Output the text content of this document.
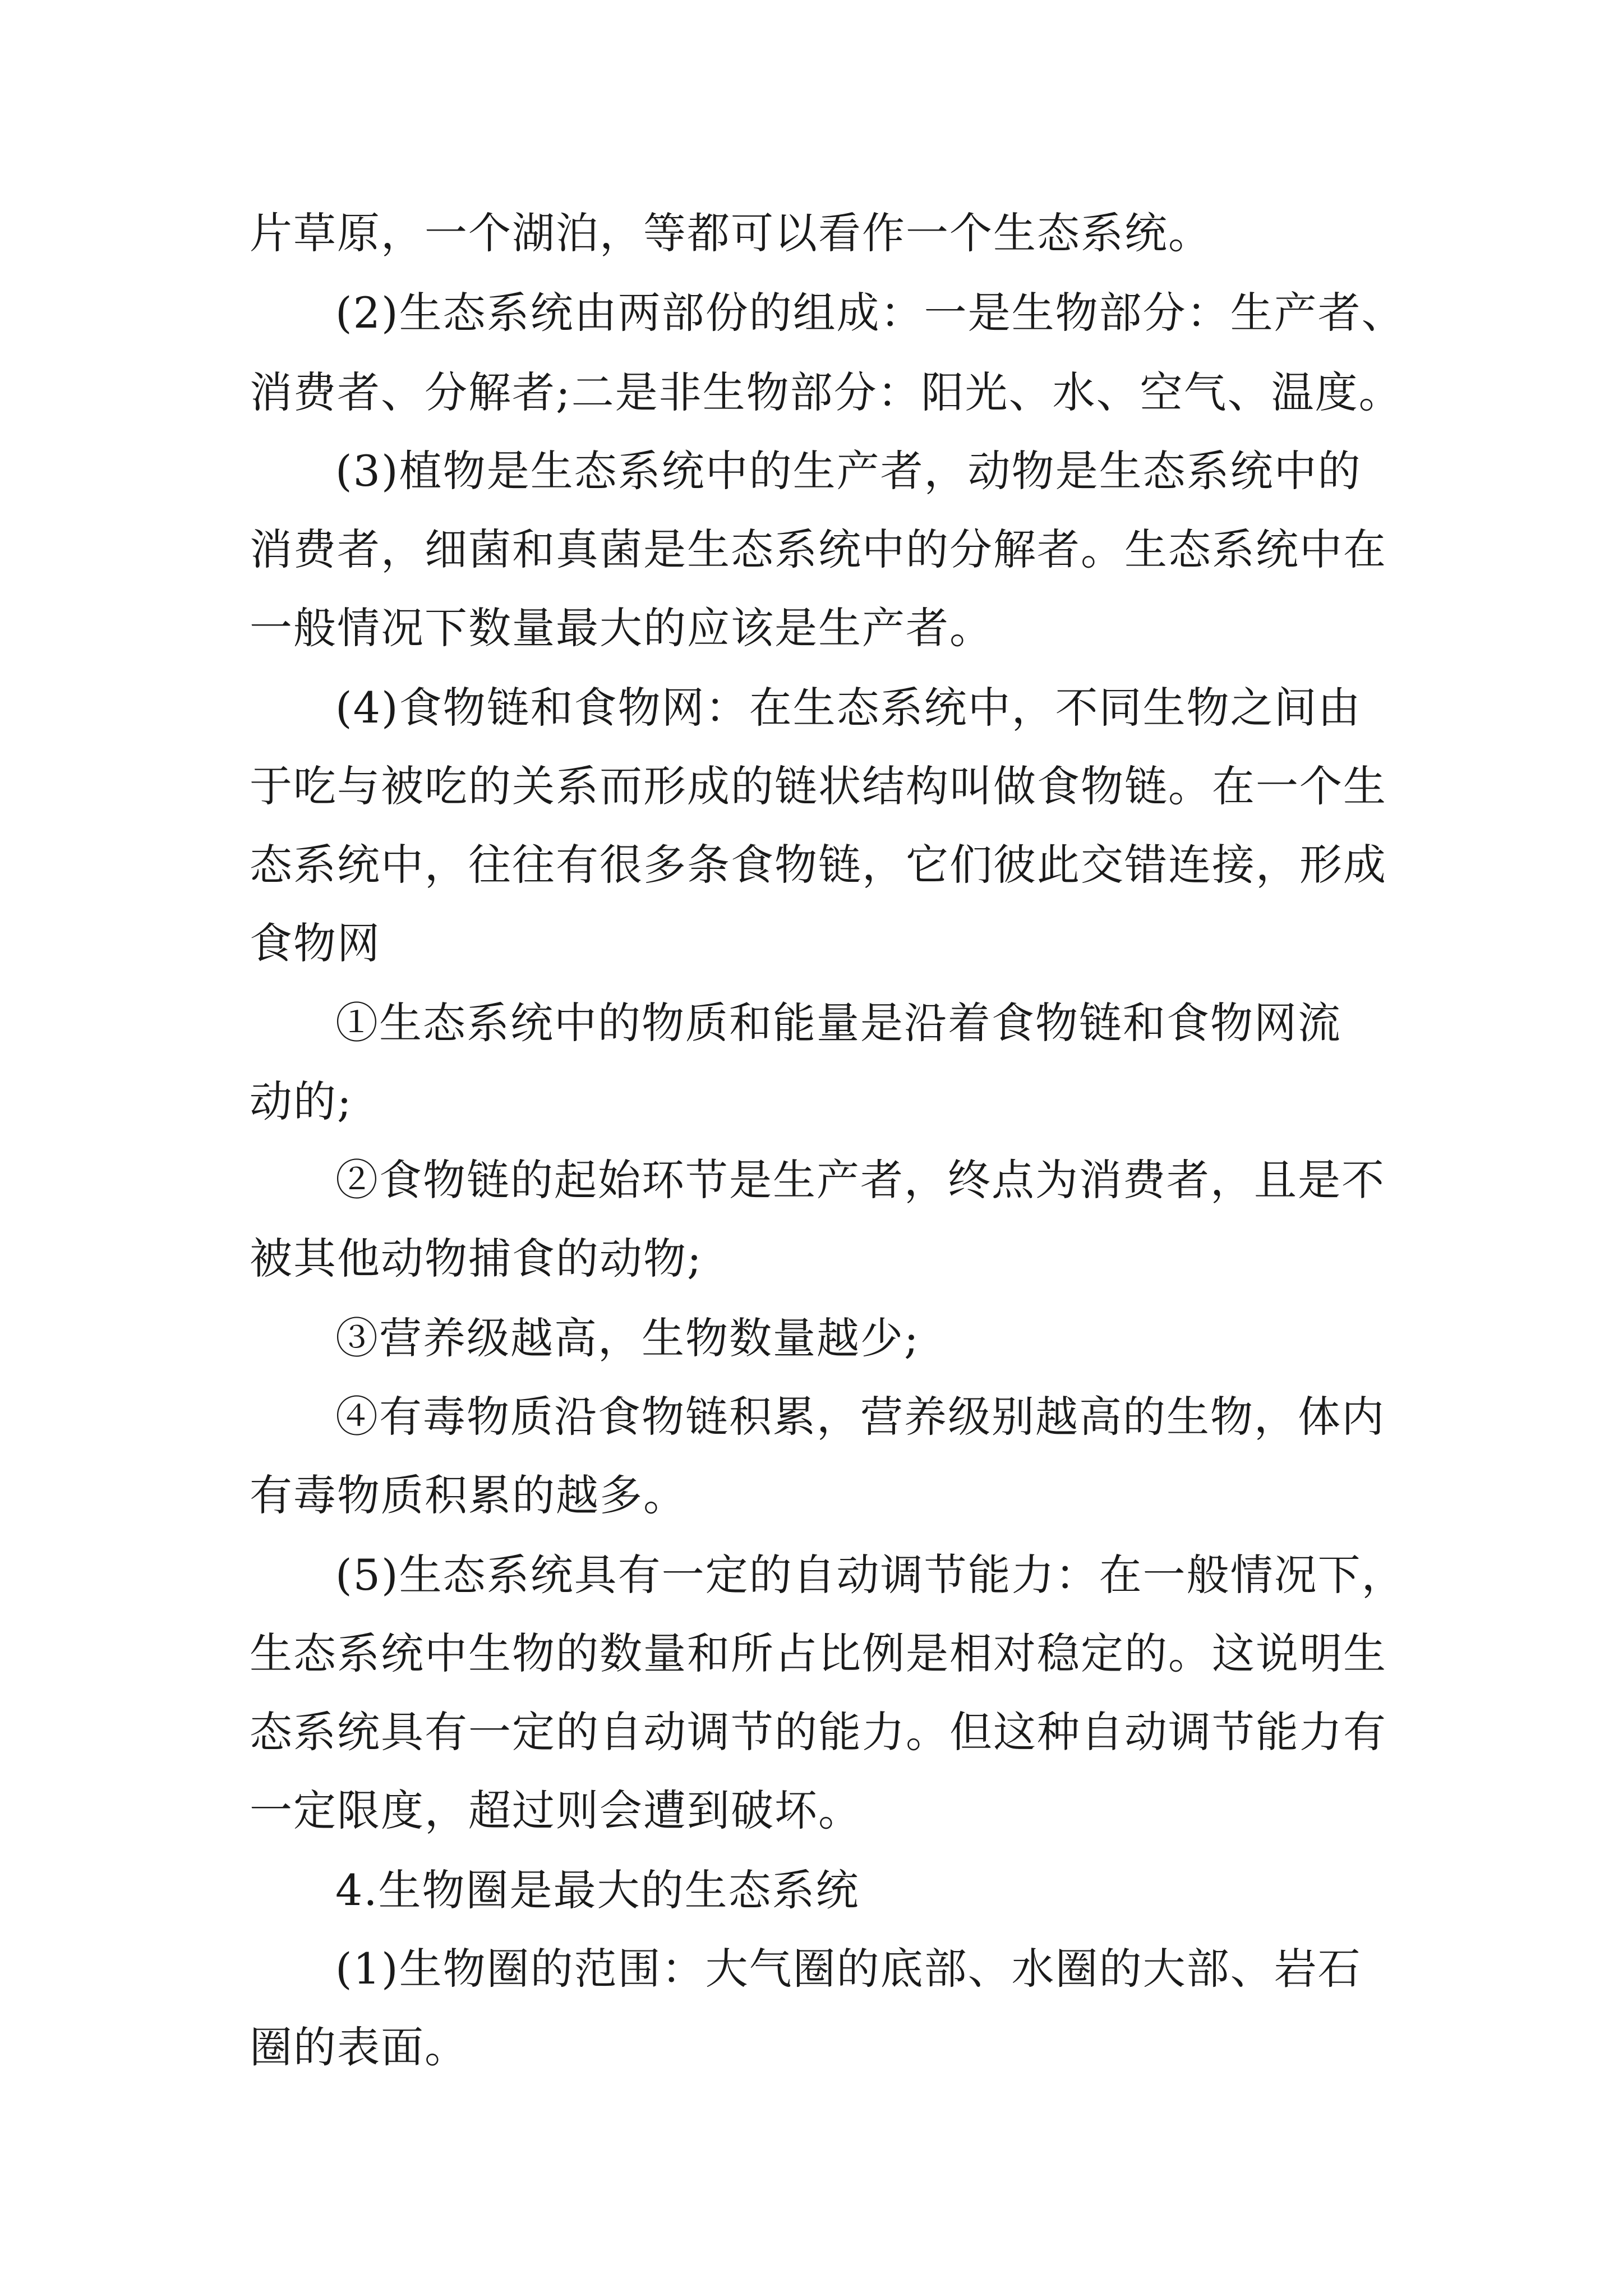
片草原，一个湖泊，等都可以看作一个生态系统。
(2)生态系统由两部份的组成：一是生物部分：生产者、
消费者、分解者;二是非生物部分：阳光、水、空气、温度。
(3)植物是生态系统中的生产者，动物是生态系统中的
消费者，细菌和真菌是生态系统中的分解者。生态系统中在
一般情况下数量最大的应该是生产者。
(4)食物链和食物网：在生态系统中，不同生物之间由
于吃与被吃的关系而形成的链状结构叫做食物链。在一个生
态系统中，往往有很多条食物链，它们彼此交错连接，形成
食物网
①生态系统中的物质和能量是沿着食物链和食物网流
动的;
②食物链的起始环节是生产者，终点为消费者，且是不
被其他动物捕食的动物;
③营养级越高，生物数量越少;
④有毒物质沿食物链积累，营养级别越高的生物，体内
有毒物质积累的越多。
(5)生态系统具有一定的自动调节能力：在一般情况下，
生态系统中生物的数量和所占比例是相对稳定的。这说明生
态系统具有一定的自动调节的能力。但这种自动调节能力有
一定限度，超过则会遭到破坏。
4.生物圈是最大的生态系统
(1)生物圈的范围：大气圈的底部、水圈的大部、岩石
圈的表面。
